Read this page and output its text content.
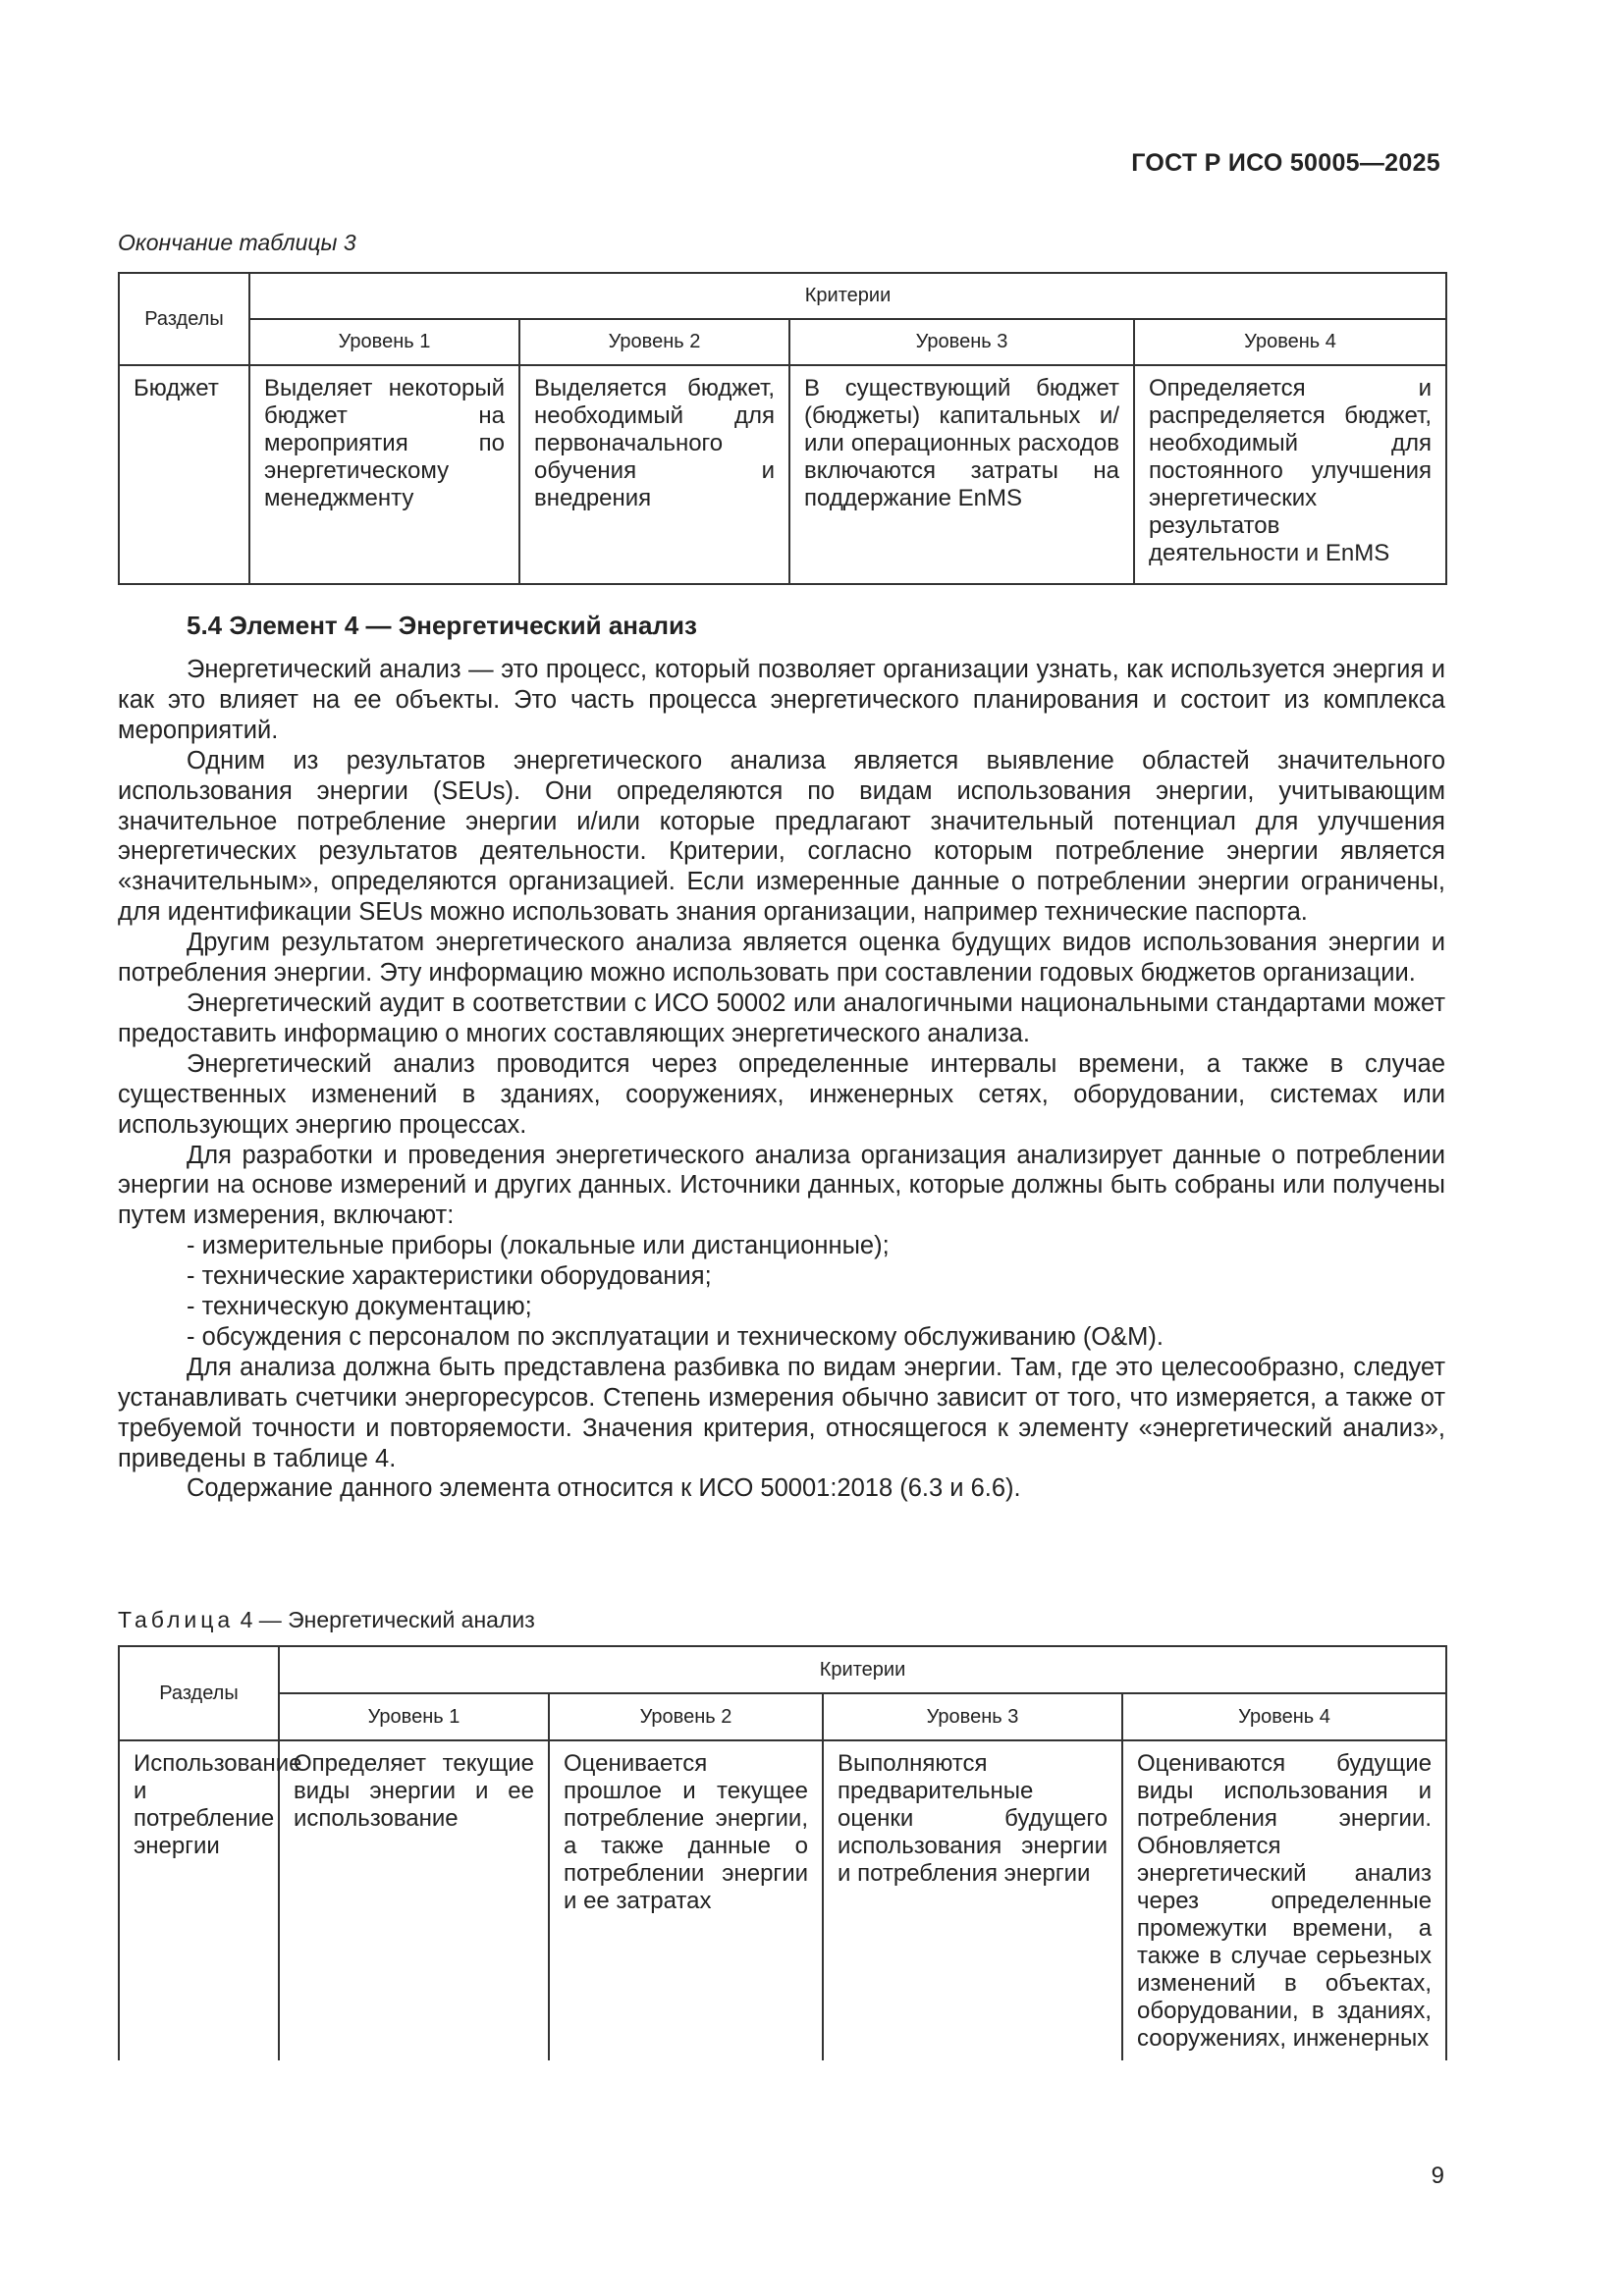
ГОСТ Р ИСО 50005—2025
Окончание таблицы 3
Разделы	Критерии			
	Уровень 1	Уровень 2	Уровень 3	Уровень 4
Бюджет	Выделяет некоторый бюджет на мероприятия по энергетическому менеджменту	Выделяется бюджет, необходимый для первоначального обучения и внедрения	В существующий бюджет (бюджеты) капитальных и/или операционных расходов включаются затраты на поддержание EnMS	Определяется и распределяется бюджет, необходимый для постоянного улучшения энергетических результатов деятельности и EnMS
5.4 Элемент 4 — Энергетический анализ

Энергетический анализ — это процесс, который позволяет организации узнать, как используется энергия и как это влияет на ее объекты. Это часть процесса энергетического планирования и состоит из комплекса мероприятий.

Одним из результатов энергетического анализа является выявление областей значительного использования энергии (SEUs). Они определяются по видам использования энергии, учитывающим значительное потребление энергии и/или которые предлагают значительный потенциал для улучшения энергетических результатов деятельности. Критерии, согласно которым потребление энергии является «значительным», определяются организацией. Если измеренные данные о потреблении энергии ограничены, для идентификации SEUs можно использовать знания организации, например технические паспорта.

Другим результатом энергетического анализа является оценка будущих видов использования энергии и потребления энергии. Эту информацию можно использовать при составлении годовых бюджетов организации.

Энергетический аудит в соответствии с ИСО 50002 или аналогичными национальными стандартами может предоставить информацию о многих составляющих энергетического анализа.

Энергетический анализ проводится через определенные интервалы времени, а также в случае существенных изменений в зданиях, сооружениях, инженерных сетях, оборудовании, системах или использующих энергию процессах.

Для разработки и проведения энергетического анализа организация анализирует данные о потреблении энергии на основе измерений и других данных. Источники данных, которые должны быть собраны или получены путем измерения, включают:

- измерительные приборы (локальные или дистанционные);
- технические характеристики оборудования;
- техническую документацию;
- обсуждения с персоналом по эксплуатации и техническому обслуживанию (O&M).

Для анализа должна быть представлена разбивка по видам энергии. Там, где это целесообразно, следует устанавливать счетчики энергоресурсов. Степень измерения обычно зависит от того, что измеряется, а также от требуемой точности и повторяемости. Значения критерия, относящегося к элементу «энергетический анализ», приведены в таблице 4.

Содержание данного элемента относится к ИСО 50001:2018 (6.3 и 6.6).

Таблица 4 — Энергетический анализ
Разделы	Критерии			
	Уровень 1	Уровень 2	Уровень 3	Уровень 4
Использование и потребление энергии	Определяет текущие виды энергии и ее использование	Оценивается прошлое и текущее потребление энергии, а также данные о потреблении энергии и ее затратах	Выполняются предварительные оценки будущего использования энергии и потребления энергии	Оцениваются будущие виды использования и потребления энергии. Обновляется энергетический анализ через определенные промежутки времени, а также в случае серьезных изменений в объектах, оборудовании, в зданиях, сооружениях, инженерных
9
